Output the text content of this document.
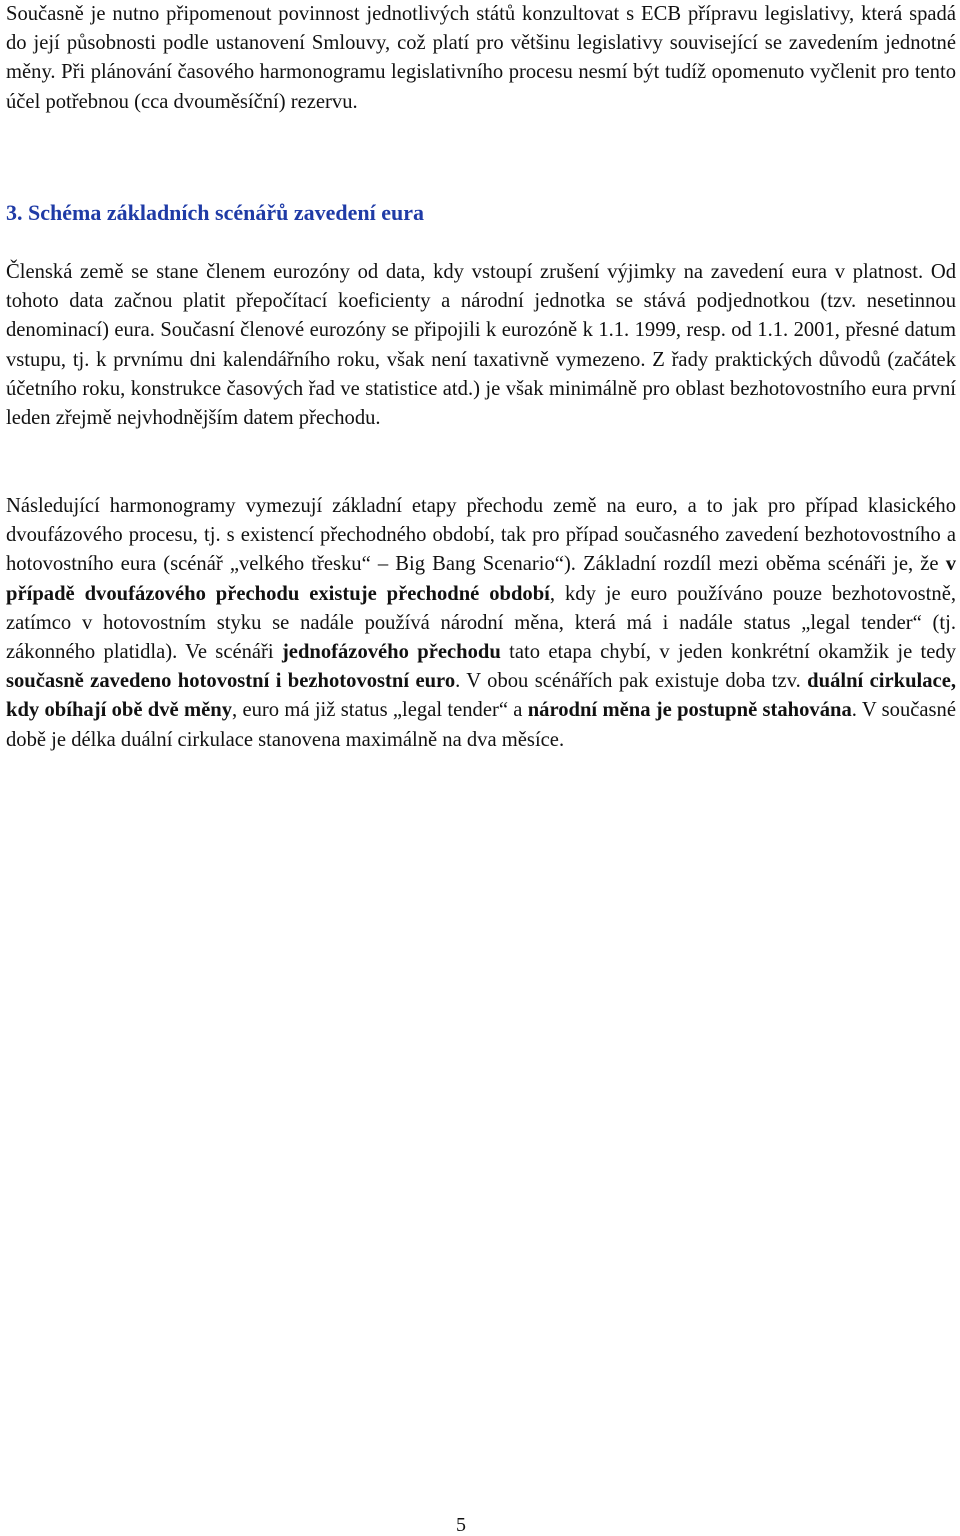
Současně je nutno připomenout povinnost jednotlivých států konzultovat s ECB přípravu legislativy, která spadá do její působnosti podle ustanovení Smlouvy, což platí pro většinu legislativy související se zavedením jednotné měny. Při plánování časového harmonogramu legislativního procesu nesmí být tudíž opomenuto vyčlenit pro tento účel potřebnou (cca dvouměsíční) rezervu.

3. Schéma základních scénářů zavedení eura

Členská země se stane členem eurozóny od data, kdy vstoupí zrušení výjimky na zavedení eura v platnost. Od tohoto data začnou platit přepočítací koeficienty a národní jednotka se stává podjednotkou (tzv. nesetinnou denominací) eura. Současní členové eurozóny se připojili k eurozóně k 1.1. 1999, resp. od 1.1. 2001, přesné datum vstupu, tj. k prvnímu dni kalendářního roku, však není taxativně vymezeno. Z řady praktických důvodů (začátek účetního roku, konstrukce časových řad ve statistice atd.) je však minimálně pro oblast bezhotovostního eura první leden zřejmě nejvhodnějším datem přechodu.

Následující harmonogramy vymezují základní etapy přechodu země na euro, a to jak pro případ klasického dvoufázového procesu, tj. s existencí přechodného období, tak pro případ současného zavedení bezhotovostního a hotovostního eura (scénář „velkého třesku“ – Big Bang Scenario“). Základní rozdíl mezi oběma scénáři je, že v případě dvoufázového přechodu existuje přechodné období, kdy je euro používáno pouze bezhotovostně, zatímco v hotovostním styku se nadále používá národní měna, která má i nadále status „legal tender“ (tj. zákonného platidla). Ve scénáři jednofázového přechodu tato etapa chybí, v jeden konkrétní okamžik je tedy současně zavedeno hotovostní i bezhotovostní euro. V obou scénářích pak existuje doba tzv. duální cirkulace, kdy obíhají obě dvě měny, euro má již status „legal tender“ a národní měna je postupně stahována. V současné době je délka duální cirkulace stanovena maximálně na dva měsíce.

5
